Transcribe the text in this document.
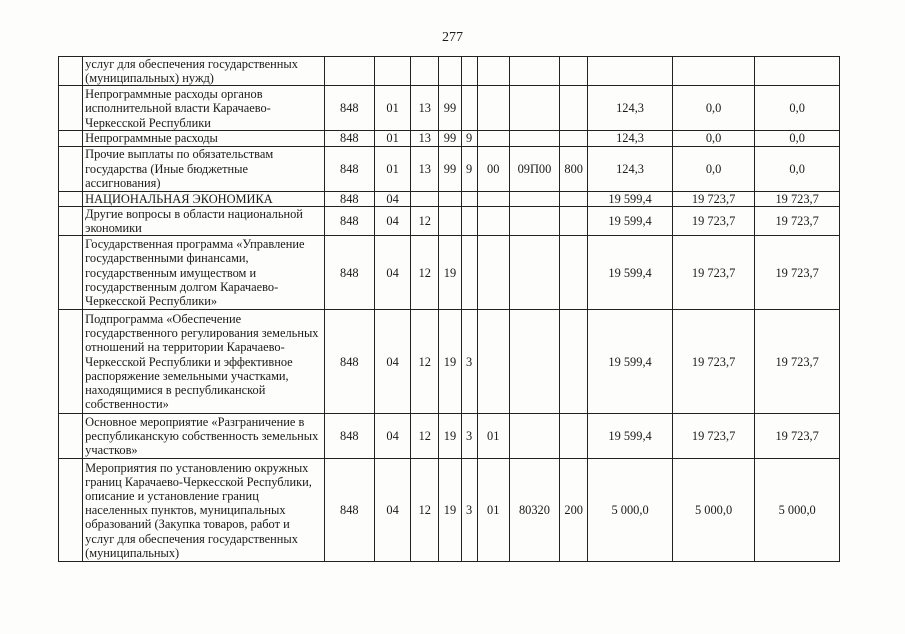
277
	услуг для обеспечения государственных (муниципальных) нужд)											
	Непрограммные расходы органов исполнительной власти Карачаево-Черкесской Республики	848	01	13	99					124,3	0,0	0,0
	Непрограммные расходы	848	01	13	99	9				124,3	0,0	0,0
	Прочие выплаты по обязательствам государства (Иные бюджетные ассигнования)	848	01	13	99	9	00	09П00	800	124,3	0,0	0,0
	НАЦИОНАЛЬНАЯ ЭКОНОМИКА	848	04							19 599,4	19 723,7	19 723,7
	Другие вопросы в области национальной экономики	848	04	12						19 599,4	19 723,7	19 723,7
	Государственная программа «Управление государственными финансами, государственным имуществом и государственным долгом Карачаево-Черкесской Республики»	848	04	12	19					19 599,4	19 723,7	19 723,7
	Подпрограмма «Обеспечение государственного регулирования земельных отношений на территории Карачаево-Черкесской Республики и эффективное распоряжение земельными участками, находящимися в республиканской собственности»	848	04	12	19	3				19 599,4	19 723,7	19 723,7
	Основное мероприятие «Разграничение в республиканскую собственность земельных участков»	848	04	12	19	3	01			19 599,4	19 723,7	19 723,7
	Мероприятия по установлению окружных границ Карачаево-Черкесской Республики, описание и установление границ населенных пунктов, муниципальных образований (Закупка товаров, работ и услуг для обеспечения государственных (муниципальных)	848	04	12	19	3	01	80320	200	5 000,0	5 000,0	5 000,0
